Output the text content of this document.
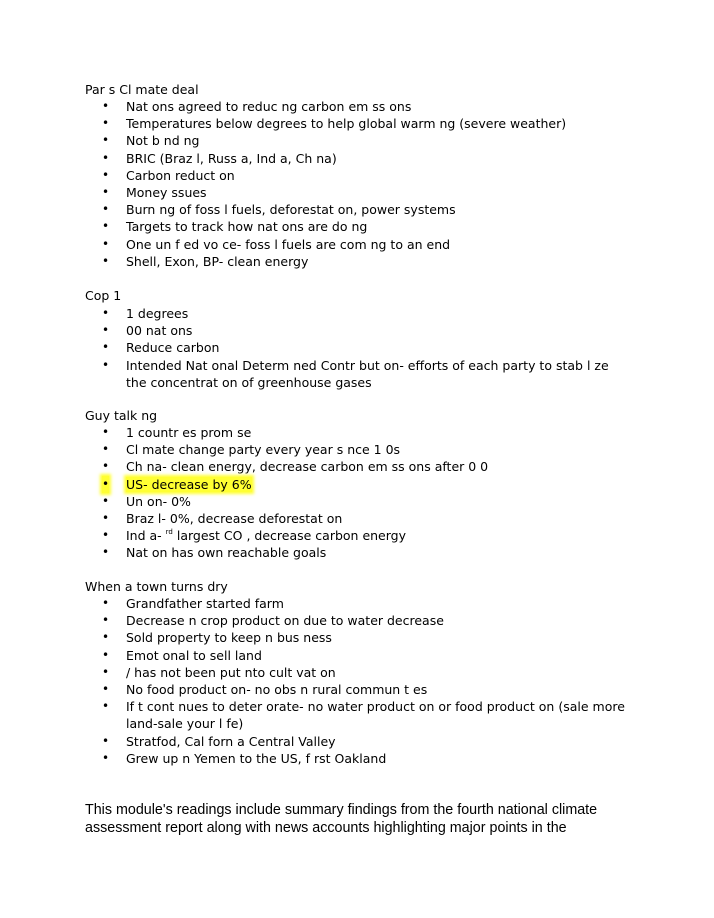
Par s Cl mate deal
• Nat ons agreed to reduc ng carbon em ss ons
• Temperatures below degrees to help global warm ng (severe weather)
• Not b nd ng
• BRIC (Braz l, Russ a, Ind a, Ch na)
• Carbon reduct on
• Money ssues
• Burn ng of foss l fuels, deforestat on, power systems
• Targets to track how nat ons are do ng
• One un f ed vo ce- foss l fuels are com ng to an end
• Shell, Exon, BP- clean energy
Cop 1
• 1 degrees
• 00 nat ons
• Reduce carbon
• Intended Nat onal Determ ned Contr but on- efforts of each party to stab l ze the concentrat on of greenhouse gases
Guy talk ng
• 1 countr es prom se
• Cl mate change party every year s nce 1 0s
• Ch na- clean energy, decrease carbon em ss ons after 0 0
• US- decrease by 6%
• Un on- 0%
• Braz l- 0%, decrease deforestat on
• Ind a- $^{rd}$ largest CO , decrease carbon energy
• Nat on has own reachable goals
When a town turns dry
• Grandfather started farm
• Decrease n crop product on due to water decrease
• Sold property to keep n bus ness
• Emot onal to sell land
• / has not been put nto cult vat on
• No food product on- no obs n rural commun t es
• If t cont nues to deter orate- no water product on or food product on (sale more land-sale your l fe)
• Stratfod, Cal forn a Central Valley
• Grew up n Yemen to the US, f rst Oakland
This module's readings include summary findings from the fourth national climate assessment report along with news accounts highlighting major points in the
